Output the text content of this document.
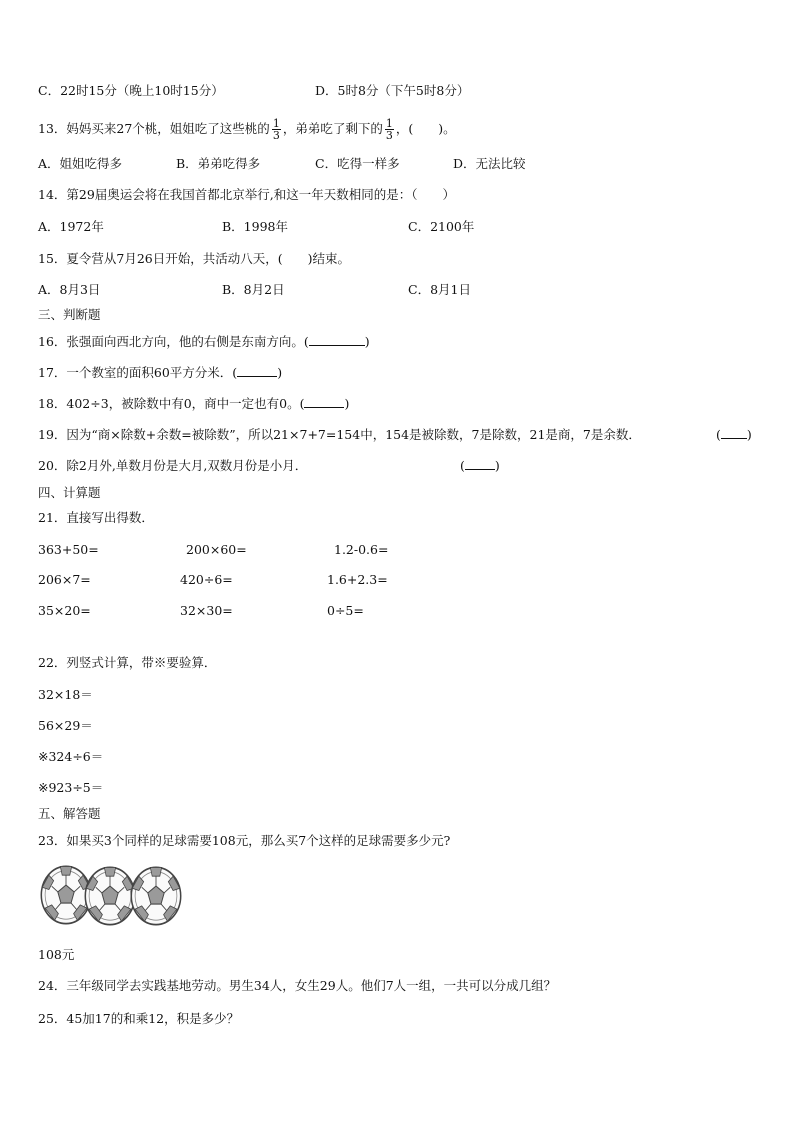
C．22时15分（晚上10时15分）	D．5时8分（下午5时8分）
13．妈妈买来27个桃，姐姐吃了这些桃的 $\frac{1}{3}$ ，弟弟吃了剩下的 $\frac{1}{3}$ ，(　　)。
A．姐姐吃得多	B．弟弟吃得多	C．吃得一样多	D．无法比较
14．第29届奥运会将在我国首都北京举行,和这一年天数相同的是：（　　）
A．1972年	B．1998年	C．2100年
15．夏令营从7月26日开始，共活动八天，(　　)结束。
A．8月3日	B．8月2日	C．8月1日
三、判断题
16．张强面向西北方向，他的右侧是东南方向。(	)
17．一个教室的面积60平方分米．(	)
18．402÷3，被除数中有0，商中一定也有0。(	)
19．因为“商×除数+余数=被除数”，所以21×7+7=154中，154是被除数，7是除数，21是商，7是余数．	( )
20．除2月外,单数月份是大月,双数月份是小月．	( )
四、计算题
21．直接写出得数．
363+50=	200×60=	1.2-0.6=
206×7=	420÷6=	1.6+2.3=
35×20=	32×30=	0÷5=
22．列竖式计算，带※要验算．
32×18＝
56×29＝
※324÷6＝
※923÷5＝
五、解答题
23．如果买3个同样的足球需要108元，那么买7个这样的足球需要多少元?
108元
24．三年级同学去实践基地劳动。男生34人，女生29人。他们7人一组，一共可以分成几组？
25．45加17的和乘12，积是多少？
